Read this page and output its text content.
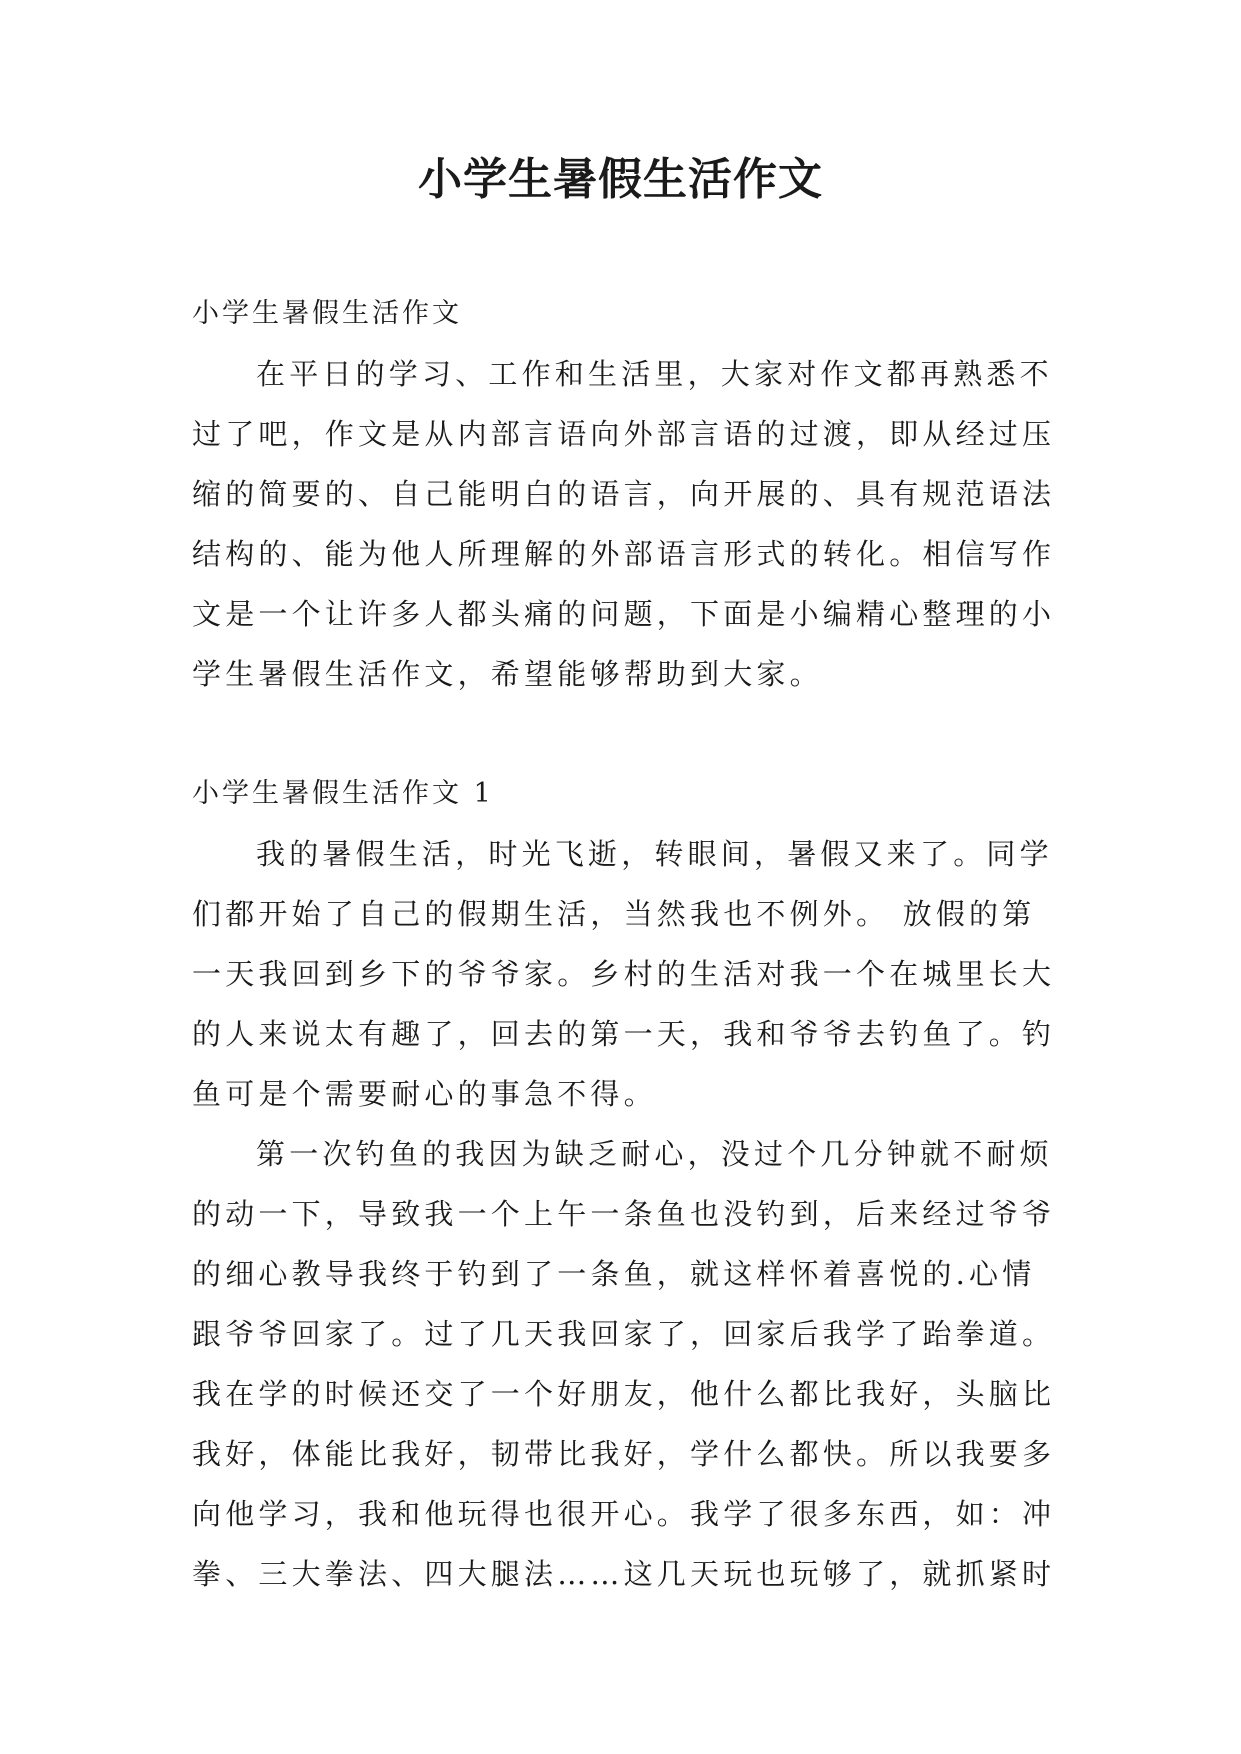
小学生暑假生活作文

小学生暑假生活作文

在平日的学习、工作和生活里，大家对作文都再熟悉不
过了吧，作文是从内部言语向外部言语的过渡，即从经过压
缩的简要的、自己能明白的语言，向开展的、具有规范语法
结构的、能为他人所理解的外部语言形式的转化。相信写作
文是一个让许多人都头痛的问题，下面是小编精心整理的小
学生暑假生活作文，希望能够帮助到大家。

小学生暑假生活作文 1

我的暑假生活，时光飞逝，转眼间，暑假又来了。同学
们都开始了自己的假期生活，当然我也不例外。 放假的第
一天我回到乡下的爷爷家。乡村的生活对我一个在城里长大
的人来说太有趣了，回去的第一天，我和爷爷去钓鱼了。钓
鱼可是个需要耐心的事急不得。
第一次钓鱼的我因为缺乏耐心，没过个几分钟就不耐烦
的动一下，导致我一个上午一条鱼也没钓到，后来经过爷爷
的细心教导我终于钓到了一条鱼，就这样怀着喜悦的.心情
跟爷爷回家了。过了几天我回家了，回家后我学了跆拳道。
我在学的时候还交了一个好朋友，他什么都比我好，头脑比
我好，体能比我好，韧带比我好，学什么都快。所以我要多
向他学习，我和他玩得也很开心。我学了很多东西，如：冲
拳、三大拳法、四大腿法……这几天玩也玩够了，就抓紧时
